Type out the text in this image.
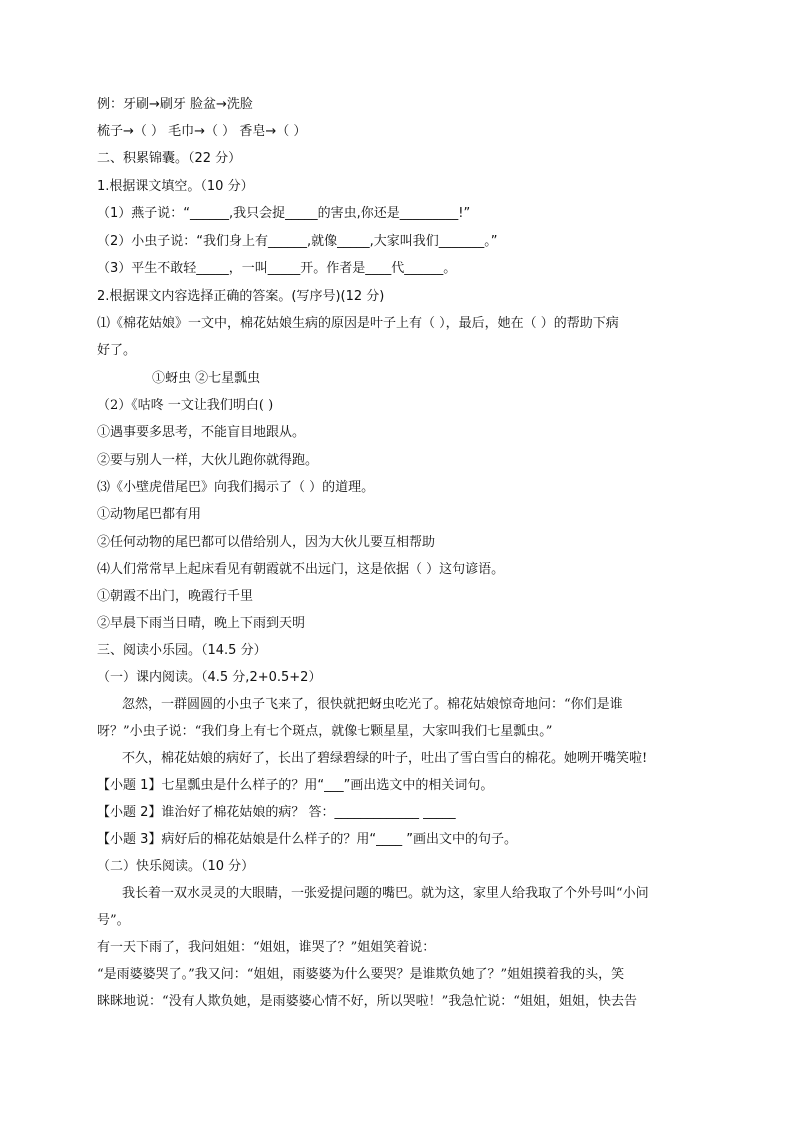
例：牙刷→刷牙 脸盆→洗脸
梳子→（ ） 毛巾→（ ） 香皂→（ ）
二、积累锦囊。（22 分）
1.根据课文填空。（10 分）
（1）燕子说：“______,我只会捉_____的害虫,你还是_________!”
（2）小虫子说：“我们身上有______,就像_____,大家叫我们_______。”
（3）平生不敢轻_____，一叫_____开。作者是____代______。
2.根据课文内容选择正确的答案。(写序号)(12 分)
⑴《棉花姑娘》一文中，棉花姑娘生病的原因是叶子上有（ ），最后，她在（ ）的帮助下病
好了。
①蚜虫 ②七星瓢虫
（2）《咕咚 一文让我们明白( )
①遇事要多思考，不能盲目地跟从。
②要与别人一样，大伙儿跑你就得跑。
⑶《小壁虎借尾巴》向我们揭示了（ ）的道理。
①动物尾巴都有用
②任何动物的尾巴都可以借给别人，因为大伙儿要互相帮助
⑷人们常常早上起床看见有朝霞就不出远门，这是依据（ ）这句谚语。
①朝霞不出门，晚霞行千里
②早晨下雨当日晴，晚上下雨到天明
三、阅读小乐园。（14.5 分）
（一）课内阅读。（4.5 分,2+0.5+2）
忽然，一群圆圆的小虫子飞来了，很快就把蚜虫吃光了。棉花姑娘惊奇地问：“你们是谁
呀？”小虫子说：“我们身上有七个斑点，就像七颗星星，大家叫我们七星瓢虫。”
不久，棉花姑娘的病好了，长出了碧绿碧绿的叶子，吐出了雪白雪白的棉花。她咧开嘴笑啦!
【小题 1】七星瓢虫是什么样子的？用“___”画出选文中的相关词句。
【小题 2】谁治好了棉花姑娘的病？ 答：_____________ _____
【小题 3】病好后的棉花姑娘是什么样子的？用“____ ”画出文中的句子。
（二）快乐阅读。（10 分）
我长着一双水灵灵的大眼睛，一张爱提问题的嘴巴。就为这，家里人给我取了个外号叫“小问
号”。
有一天下雨了，我问姐姐：“姐姐，谁哭了？”姐姐笑着说：
“是雨婆婆哭了。”我又问：“姐姐，雨婆婆为什么要哭？是谁欺负她了？”姐姐摸着我的头，笑
眯眯地说：“没有人欺负她，是雨婆婆心情不好，所以哭啦！”我急忙说：“姐姐，姐姐，快去告
